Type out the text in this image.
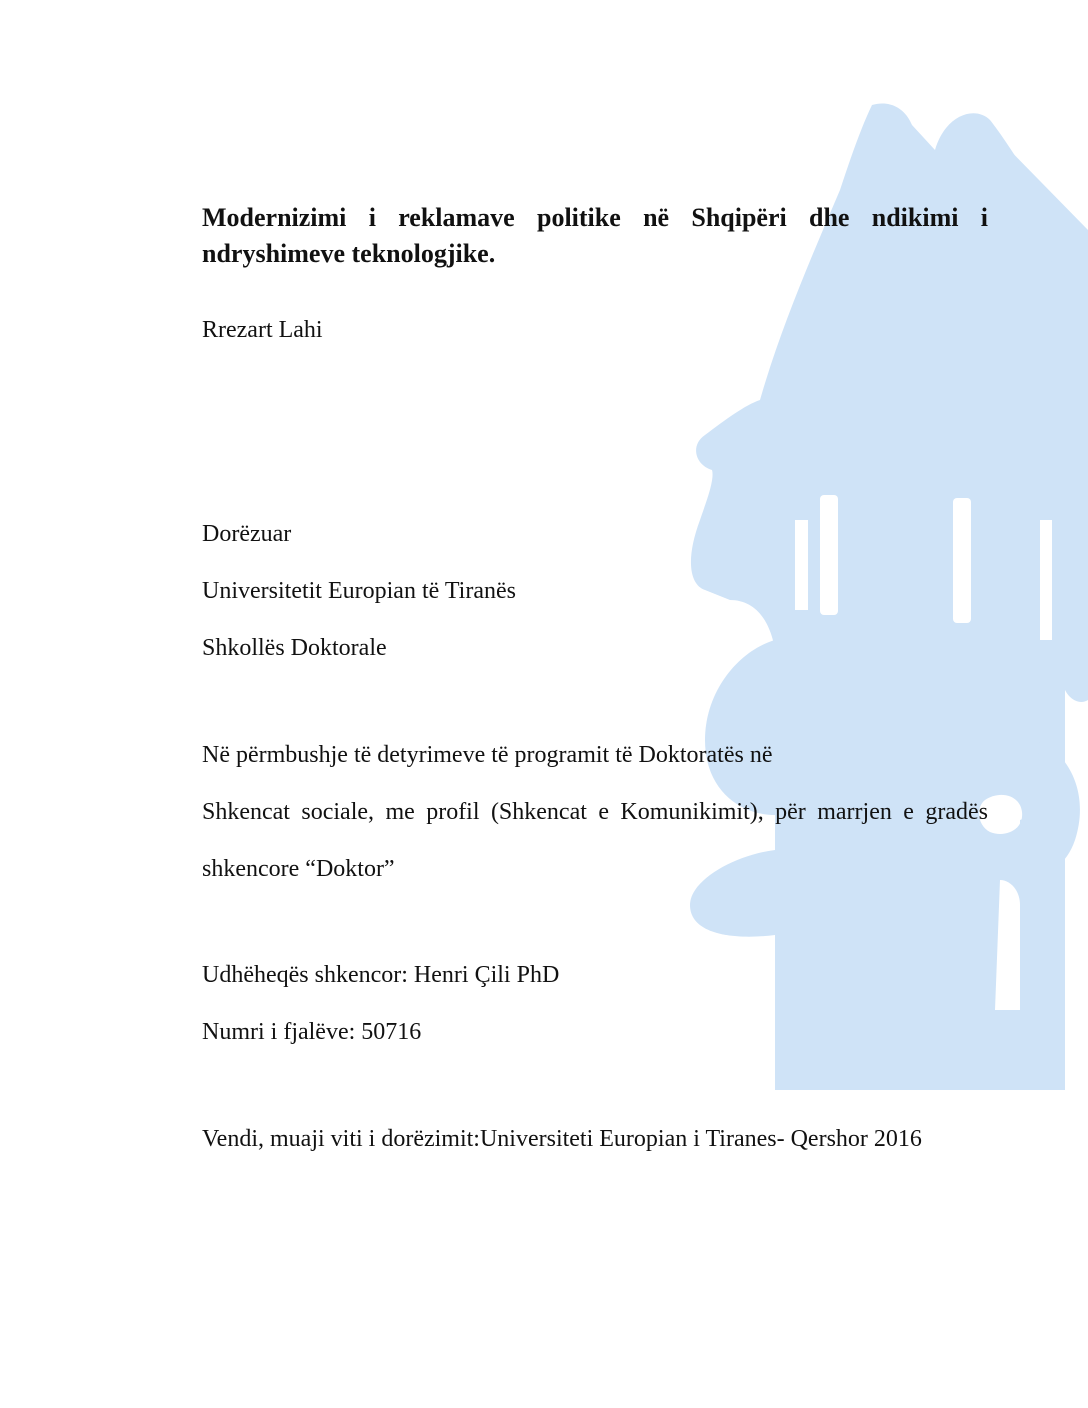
Modernizimi i reklamave politike në Shqipëri dhe ndikimi i ndryshimeve teknologjike.

Rrezart Lahi

Dorëzuar

Universitetit Europian të Tiranës

Shkollës Doktorale

Në përmbushje të detyrimeve të programit të Doktoratës në

Shkencat sociale, me profil (Shkencat e Komunikimit), për marrjen e gradës

shkencore “Doktor”

Udhëheqës shkencor: Henri Çili PhD

Numri i fjalëve: 50716

Vendi, muaji viti i dorëzimit:Universiteti Europian i Tiranes- Qershor 2016
